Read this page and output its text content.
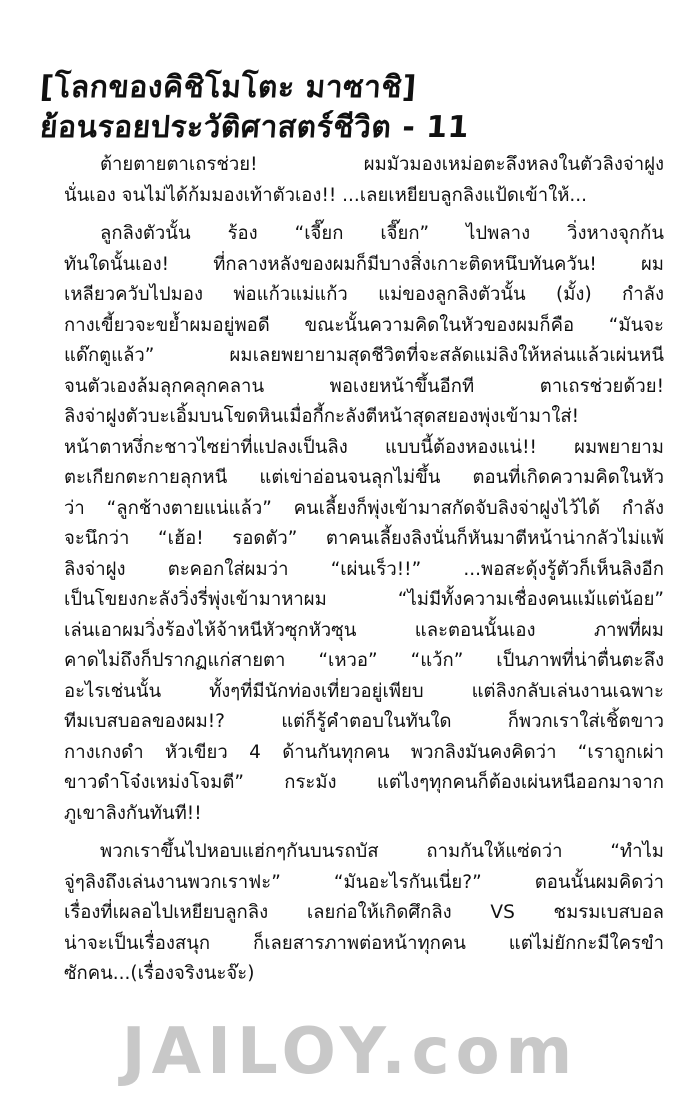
[โลกของคิชิโมโตะ มาซาชิ]
ย้อนรอยประวัติศาสตร์ชีวิต - 11
ต้ายตายตาเถรช่วย! ผมมัวมองเหม่อตะลึงหลงในตัวลิงจ่าฝูง
นั่นเอง จนไม่ได้ก้มมองเท้าตัวเอง!! ...เลยเหยียบลูกลิงแป้ดเข้าให้...
ลูกลิงตัวนั้น ร้อง “เจี๊ยก เจี๊ยก” ไปพลาง วิ่งหางจุกก้น
ทันใดนั้นเอง! ที่กลางหลังของผมก็มีบางสิ่งเกาะติดหนึบทันควัน! ผม
เหลียวควับไปมอง พ่อแก้วแม่แก้ว แม่ของลูกลิงตัวนั้น (มั้ง) กำลัง
กางเขี้ยวจะขย้ำผมอยู่พอดี ขณะนั้นความคิดในหัวของผมก็คือ “มันจะ
แด๊กตูแล้ว” ผมเลยพยายามสุดชีวิตที่จะสลัดแม่ลิงให้หล่นแล้วเผ่นหนี
จนตัวเองล้มลุกคลุกคลาน พอเงยหน้าขึ้นอีกที ตาเถรช่วยด้วย!
ลิงจ่าฝูงตัวบะเอิ้มบนโขดหินเมื่อกี้กะลังตีหน้าสุดสยองพุ่งเข้ามาใส่!
หน้าตาหงึ่กะชาวไซย่าที่แปลงเป็นลิง แบบนี้ต้องหองแน่!! ผมพยายาม
ตะเกียกตะกายลุกหนี แต่เข่าอ่อนจนลุกไม่ขึ้น ตอนที่เกิดความคิดในหัว
ว่า “ลูกช้างตายแน่แล้ว” คนเลี้ยงก็พุ่งเข้ามาสกัดจับลิงจ่าฝูงไว้ได้ กำลัง
จะนึกว่า “เฮ้อ! รอดตัว” ตาคนเลี้ยงลิงนั่นก็หันมาตีหน้าน่ากลัวไม่แพ้
ลิงจ่าฝูง ตะคอกใส่ผมว่า “เผ่นเร็ว!!” ...พอสะดุ้งรู้ตัวก็เห็นลิงอีก
เป็นโขยงกะลังวิ่งรี่พุ่งเข้ามาหาผม “ไม่มีทั้งความเชื่องคนแม้แต่น้อย”
เล่นเอาผมวิ่งร้องไห้จ้าหนีหัวซุกหัวซุน และตอนนั้นเอง ภาพที่ผม
คาดไม่ถึงก็ปรากฏแก่สายตา “เหวอ” “แว้ก” เป็นภาพที่น่าตื่นตะลึง
อะไรเช่นนั้น ทั้งๆที่มีนักท่องเที่ยวอยู่เพียบ แต่ลิงกลับเล่นงานเฉพาะ
ทีมเบสบอลของผม!? แต่ก็รู้คำตอบในทันใด ก็พวกเราใส่เชิ้ตขาว
กางเกงดำ หัวเขียว 4 ด้านกันทุกคน พวกลิงมันคงคิดว่า “เราถูกเผ่า
ขาวดำโจ๋งเหม่งโจมตี” กระมัง แต่ไงๆทุกคนก็ต้องเผ่นหนีออกมาจาก
ภูเขาลิงกันทันที!!
พวกเราขึ้นไปหอบแฮ่กๆกันบนรถบัส ถามกันให้แซ่ดว่า “ทำไม
จู่ๆลิงถึงเล่นงานพวกเราฟะ” “มันอะไรกันเนี่ย?” ตอนนั้นผมคิดว่า
เรื่องที่เผลอไปเหยียบลูกลิง เลยก่อให้เกิดศึกลิง VS ชมรมเบสบอล
น่าจะเป็นเรื่องสนุก ก็เลยสารภาพต่อหน้าทุกคน แต่ไม่ยักกะมีใครขำ
ซักคน...(เรื่องจริงนะจ๊ะ)
JAILOY.com
